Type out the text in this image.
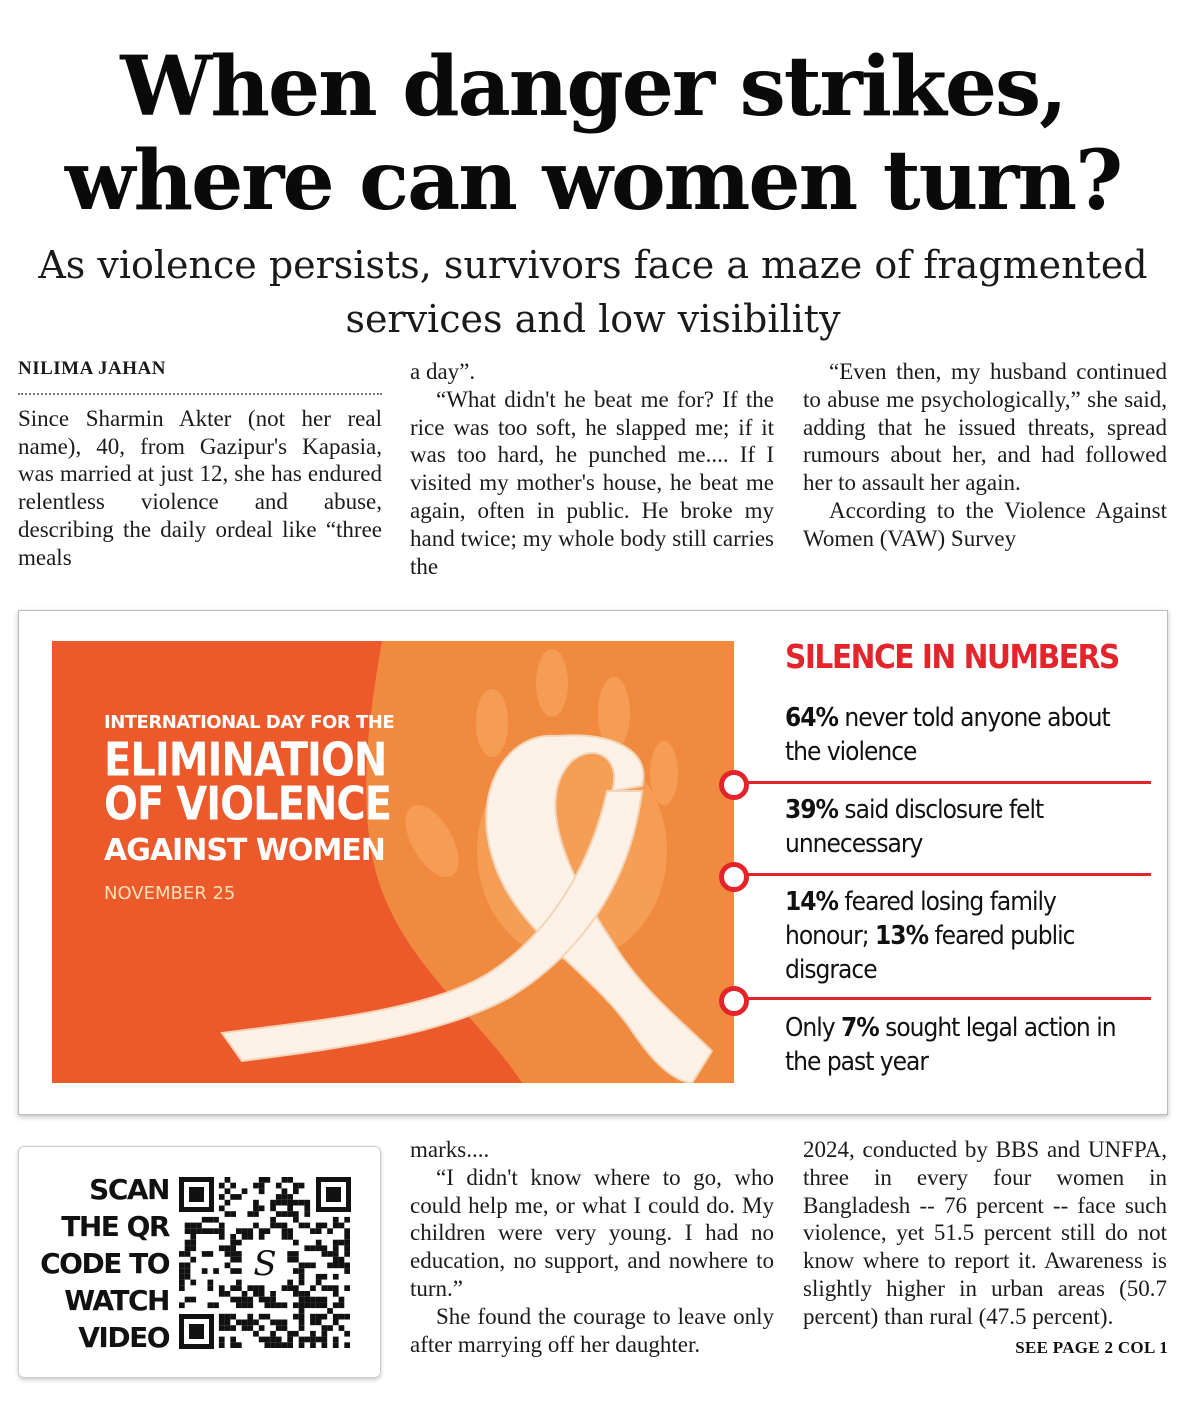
When danger strikes,
where can women turn?
As violence persists, survivors face a maze of fragmented
services and low visibility
NILIMA JAHAN

Since Sharmin Akter (not her real name), 40, from Gazipur's Kapasia, was married at just 12, she has endured relentless violence and abuse, describing the daily ordeal like “three meals

a day”.

“What didn't he beat me for? If the rice was too soft, he slapped me; if it was too hard, he punched me.... If I visited my mother's house, he beat me again, often in public. He broke my hand twice; my whole body still carries the

“Even then, my husband continued to abuse me psychologically,” she said, adding that he issued threats, spread rumours about her, and had followed her to assault her again.

According to the Violence Against Women (VAW) Survey

INTERNATIONAL DAY FOR THE
ELIMINATION
OF VIOLENCE
AGAINST WOMEN
NOVEMBER 25
SILENCE IN NUMBERS
64% never told anyone about the violence
39% said disclosure felt unnecessary
14% feared losing family honour; 13% feared public disgrace
Only 7% sought legal action in the past year
SCAN
THE QR
CODE TO
WATCH
VIDEO
S

marks....

“I didn't know where to go, who could help me, or what I could do. My children were very young. I had no education, no support, and nowhere to turn.”

She found the courage to leave only after marrying off her daughter.

2024, conducted by BBS and UNFPA, three in every four women in Bangladesh -- 76 percent -- face such violence, yet 51.5 percent still do not know where to report it. Awareness is slightly higher in urban areas (50.7 percent) than rural (47.5 percent).

SEE PAGE 2 COL 1
